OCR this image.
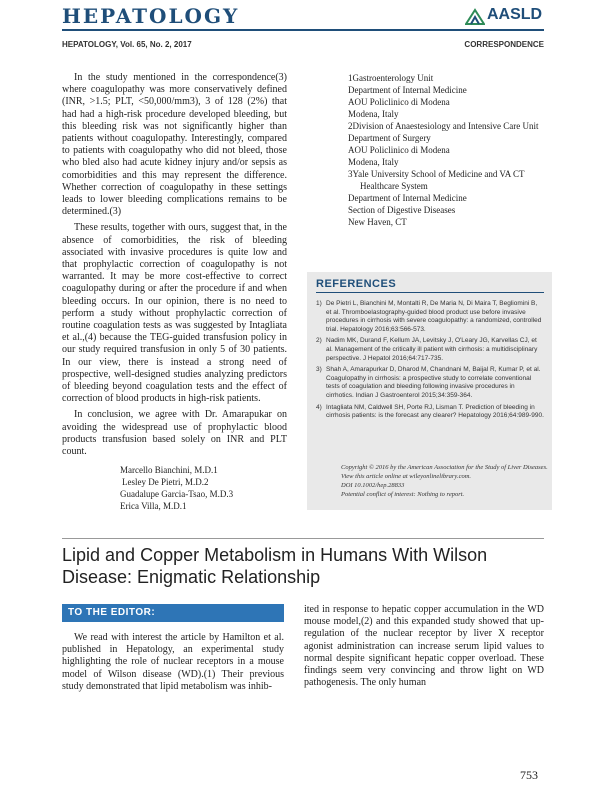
HEPATOLOGY	AASLD
HEPATOLOGY, Vol. 65, No. 2, 2017	CORRESPONDENCE

In the study mentioned in the correspondence(3) where coagulopathy was more conservatively defined (INR, >1.5; PLT, <50,000/mm3), 3 of 128 (2%) that had had a high-risk procedure developed bleeding, but this bleeding risk was not significantly higher than patients without coagulopathy. Interestingly, compared to patients with coagulopathy who did not bleed, those who bled also had acute kidney injury and/or sepsis as comorbidities and this may represent the difference. Whether correction of coagulopathy in these settings leads to lower bleeding complications remains to be determined.(3)

These results, together with ours, suggest that, in the absence of comorbidities, the risk of bleeding associated with invasive procedures is quite low and that prophylactic correction of coagulopathy is not warranted. It may be more cost-effective to correct coagulopathy during or after the procedure if and when bleeding occurs. In our opinion, there is no need to perform a study without prophylactic correction of routine coagulation tests as was suggested by Intagliata et al.,(4) because the TEG-guided transfusion policy in our study required transfusion in only 5 of 30 patients. In our view, there is instead a strong need of prospective, well-designed studies analyzing predictors of bleeding beyond coagulation tests and the effect of correction of blood products in high-risk patients.

In conclusion, we agree with Dr. Amarapukar on avoiding the widespread use of prophylactic blood products transfusion based solely on INR and PLT count.

Marcello Bianchini, M.D.1
Lesley De Pietri, M.D.2
Guadalupe Garcia-Tsao, M.D.3
Erica Villa, M.D.1
1Gastroenterology Unit
Department of Internal Medicine
AOU Policlinico di Modena
Modena, Italy
2Division of Anaestesiology and Intensive Care Unit
Department of Surgery
AOU Policlinico di Modena
Modena, Italy
3Yale University School of Medicine and VA CT
Healthcare System
Department of Internal Medicine
Section of Digestive Diseases
New Haven, CT
REFERENCES
1) De Pietri L, Bianchini M, Montalti R, De Maria N, Di Maira T, Begliomini B, et al. Thromboelastography-guided blood product use before invasive procedures in cirrhosis with severe coagulopathy: a randomized, controlled trial. Hepatology 2016;63:566-573.
2) Nadim MK, Durand F, Kellum JA, Levitsky J, O'Leary JG, Karvellas CJ, et al. Management of the critically ill patient with cirrhosis: a multidisciplinary perspective. J Hepatol 2016;64:717-735.
3) Shah A, Amarapurkar D, Dharod M, Chandnani M, Baijal R, Kumar P, et al. Coagulopathy in cirrhosis: a prospective study to correlate conventional tests of coagulation and bleeding following invasive procedures in cirrhotics. Indian J Gastroenterol 2015;34:359-364.
4) Intagliata NM, Caldwell SH, Porte RJ, Lisman T. Prediction of bleeding in cirrhosis patients: is the forecast any clearer? Hepatology 2016;64:989-990.
Copyright © 2016 by the American Association for the Study of Liver Diseases.
View this article online at wileyonlinelibrary.com.
DOI 10.1002/hep.28833
Potential conflict of interest: Nothing to report.
Lipid and Copper Metabolism in Humans With Wilson Disease: Enigmatic Relationship
TO THE EDITOR:

We read with interest the article by Hamilton et al. published in Hepatology, an experimental study highlighting the role of nuclear receptors in a mouse model of Wilson disease (WD).(1) Their previous study demonstrated that lipid metabolism was inhib-

ited in response to hepatic copper accumulation in the WD mouse model,(2) and this expanded study showed that up-regulation of the nuclear receptor by liver X receptor agonist administration can increase serum lipid values to normal despite significant hepatic copper overload. These findings seem very convincing and throw light on WD pathogenesis. The only human

753
